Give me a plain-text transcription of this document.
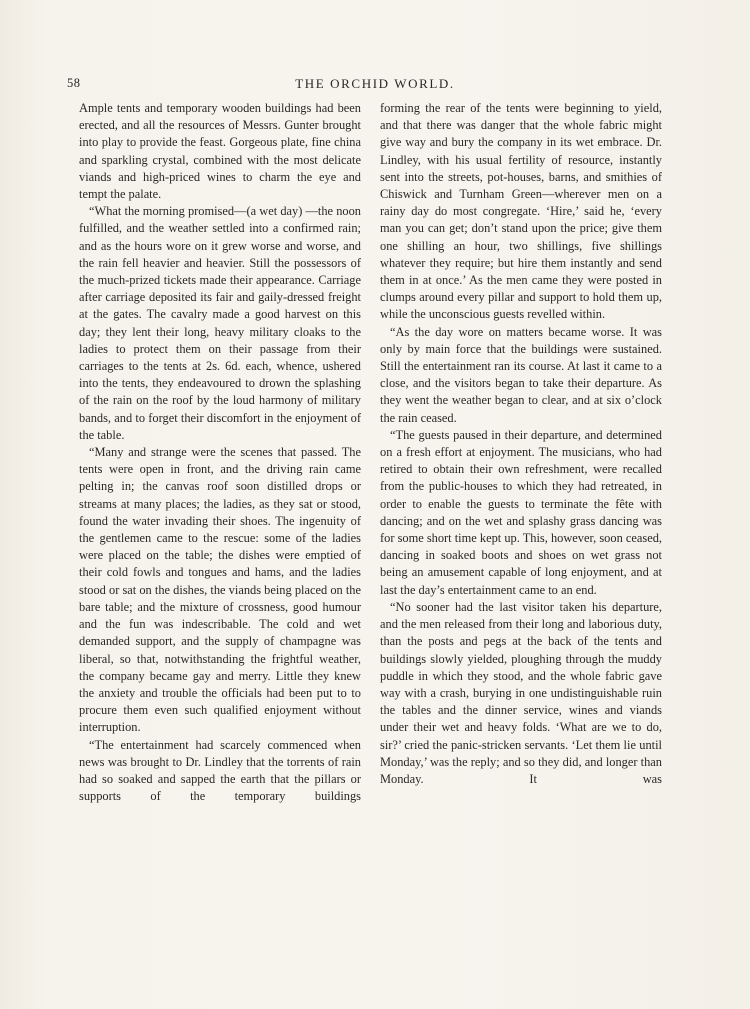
58	THE ORCHID WORLD.

Ample tents and temporary wooden buildings had been erected, and all the resources of Messrs. Gunter brought into play to provide the feast. Gorgeous plate, fine china and sparkling crystal, combined with the most delicate viands and high-priced wines to charm the eye and tempt the palate.

“What the morning promised—(a wet day) —the noon fulfilled, and the weather settled into a confirmed rain; and as the hours wore on it grew worse and worse, and the rain fell heavier and heavier. Still the possessors of the much-prized tickets made their appearance. Carriage after carriage deposited its fair and gaily-dressed freight at the gates. The cavalry made a good harvest on this day; they lent their long, heavy military cloaks to the ladies to protect them on their passage from their carriages to the tents at 2s. 6d. each, whence, ushered into the tents, they endeavoured to drown the splashing of the rain on the roof by the loud harmony of military bands, and to forget their discomfort in the enjoyment of the table.

“Many and strange were the scenes that passed. The tents were open in front, and the driving rain came pelting in; the canvas roof soon distilled drops or streams at many places; the ladies, as they sat or stood, found the water invading their shoes. The ingenuity of the gentlemen came to the rescue: some of the ladies were placed on the table; the dishes were emptied of their cold fowls and tongues and hams, and the ladies stood or sat on the dishes, the viands being placed on the bare table; and the mixture of crossness, good humour and the fun was indescribable. The cold and wet demanded support, and the supply of champagne was liberal, so that, notwithstanding the frightful weather, the company became gay and merry. Little they knew the anxiety and trouble the officials had been put to to procure them even such qualified enjoyment without interruption.

“The entertainment had scarcely commenced when news was brought to Dr. Lindley that the torrents of rain had so soaked and sapped the earth that the pillars or supports of the temporary buildings

forming the rear of the tents were beginning to yield, and that there was danger that the whole fabric might give way and bury the company in its wet embrace. Dr. Lindley, with his usual fertility of resource, instantly sent into the streets, pot-houses, barns, and smithies of Chiswick and Turnham Green—wherever men on a rainy day do most congregate. ‘Hire,’ said he, ‘every man you can get; don’t stand upon the price; give them one shilling an hour, two shillings, five shillings whatever they require; but hire them instantly and send them in at once.’ As the men came they were posted in clumps around every pillar and support to hold them up, while the unconscious guests revelled within.

“As the day wore on matters became worse. It was only by main force that the buildings were sustained. Still the entertainment ran its course. At last it came to a close, and the visitors began to take their departure. As they went the weather began to clear, and at six o’clock the rain ceased.

“The guests paused in their departure, and determined on a fresh effort at enjoyment. The musicians, who had retired to obtain their own refreshment, were recalled from the public-houses to which they had retreated, in order to enable the guests to terminate the fête with dancing; and on the wet and splashy grass dancing was for some short time kept up. This, however, soon ceased, dancing in soaked boots and shoes on wet grass not being an amusement capable of long enjoyment, and at last the day’s entertainment came to an end.

“No sooner had the last visitor taken his departure, and the men released from their long and laborious duty, than the posts and pegs at the back of the tents and buildings slowly yielded, ploughing through the muddy puddle in which they stood, and the whole fabric gave way with a crash, burying in one undistinguishable ruin the tables and the dinner service, wines and viands under their wet and heavy folds. ‘What are we to do, sir?’ cried the panic-stricken servants. ‘Let them lie until Monday,’ was the reply; and so they did, and longer than Monday. It was
